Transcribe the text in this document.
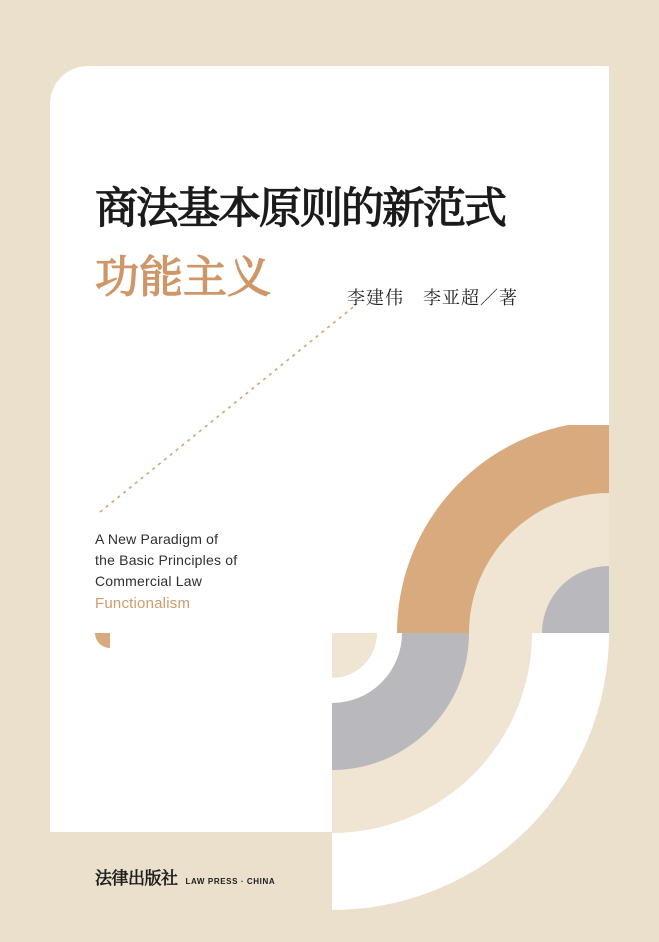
商法基本原则的新范式
功能主义	李建伟　李亚超／著
A New Paradigm of
the Basic Principles of
Commercial Law
Functionalism
法律出版社 LAW PRESS · CHINA
